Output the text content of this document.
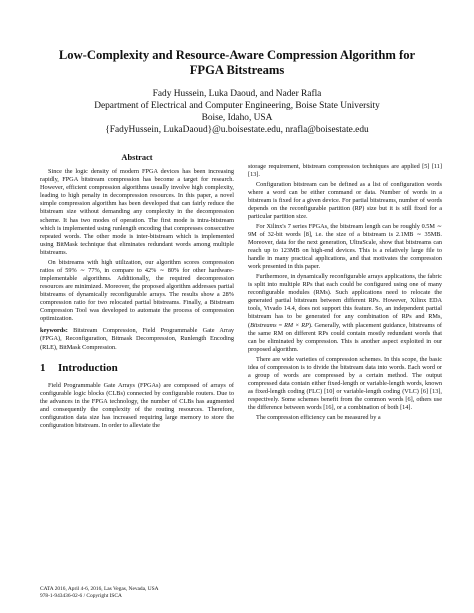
Low-Complexity and Resource-Aware Compression Algorithm for
FPGA Bitstreams
Fady Hussein, Luka Daoud, and Nader Rafla
Department of Electrical and Computer Engineering, Boise State University
Boise, Idaho, USA
{FadyHussein, LukaDaoud}@u.boisestate.edu, nrafla@boisestate.edu
Abstract

Since the logic density of modern FPGA devices has been increasing rapidly, FPGA bitstream compression has become a target for research. However, efficient compression algorithms usually involve high complexity, leading to high penalty in decompression resources. In this paper, a novel simple compression algorithm has been developed that can fairly reduce the bitstream size without demanding any complexity in the decompression scheme. It has two modes of operation. The first mode is intra-bitstream which is implemented using runlength encoding that compresses consecutive repeated words. The other mode is inter-bitstream which is implemented using BitMask technique that eliminates redundant words among multiple bitstreams.

On bitstreams with high utilization, our algorithm scores compression ratios of 59% ∼ 77%, in compare to 42% ∼ 80% for other hardware-implementable algorithms. Additionally, the required decompression resources are minimized. Moreover, the proposed algorithm addresses partial bitstreams of dynamically reconfigurable arrays. The results show a 28% compression ratio for two relocated partial bitstreams. Finally, a Bitstream Compression Tool was developed to automate the process of compression optimization.

keywords: Bitstream Compression, Field Programmable Gate Array (FPGA), Reconfiguration, Bitmask Decompression, Runlength Encoding (RLE), BitMask Compression.

1 Introduction

Field Programmable Gate Arrays (FPGAs) are composed of arrays of configurable logic blocks (CLBs) connected by configurable routers. Due to the advances in the FPGA technology, the number of CLBs has augmented and consequently the complexity of the routing resources. Therefore, configuration data size has increased requiring large memory to store the configuration bitstream. In order to alleviate the

storage requirement, bitstream compression techniques are applied [5] [11] [13].

Configuration bitstream can be defined as a list of configuration words where a word can be either command or data. Number of words in a bitstream is fixed for a given device. For partial bitstreams, number of words depends on the reconfigurable partition (RP) size but it is still fixed for a particular partition size.

For Xilinx's 7 series FPGAs, the bitstream length can be roughly 0.5M ∼ 9M of 32-bit words [8], i.e. the size of a bitstream is 2.1MB ∼ 35MB. Moreover, data for the next generation, UltraScale, show that bitstreams can reach up to 123MB on high-end devices. This is a relatively large file to handle in many practical applications, and that motivates the compression work presented in this paper.

Furthermore, in dynamically reconfigurable arrays applications, the fabric is split into multiple RPs that each could be configured using one of many reconfigurable modules (RMs). Such applications need to relocate the generated partial bitstream between different RPs. However, Xilinx EDA tools, Vivado 14.4, does not support this feature. So, an independent partial bitstream has to be generated for any combination of RPs and RMs, (Bitstreams = RM × RP). Generally, with placement guidance, bitstreams of the same RM on different RPs could contain mostly redundant words that can be eliminated by compression. This is another aspect exploited in our proposed algorithm.

There are wide varieties of compression schemes. In this scope, the basic idea of compression is to divide the bitstream data into words. Each word or a group of words are compressed by a certain method. The output compressed data contain either fixed-length or variable-length words, known as fixed-length coding (FLC) [10] or variable-length coding (VLC) [6] [13], respectively. Some schemes benefit from the common words [6], others use the difference between words [16], or a combination of both [14].

The compression efficiency can be measured by a

CATA 2016, April 4-6, 2016, Las Vegas, Nevada, USA
978-1-943436-02-6 / Copyright ISCA
